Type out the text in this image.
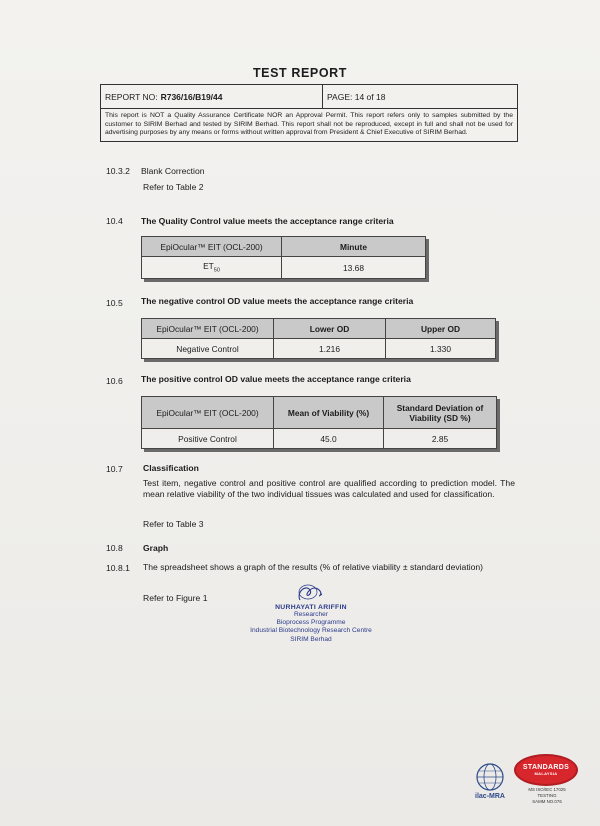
TEST REPORT
REPORT NO: R736/16/B19/44	PAGE: 14 of 18
This report is NOT a Quality Assurance Certificate NOR an Approval Permit. This report refers only to samples submitted by the customer to SIRIM Berhad and tested by SIRIM Berhad. This report shall not be reproduced, except in full and shall not be used for advertising purposes by any means or forms without written approval from President & Chief Executive of SIRIM Berhad.
10.3.2 Blank Correction
Refer to Table 2
10.4 The Quality Control value meets the acceptance range criteria
EpiOcular™ EIT (OCL-200)	Minute
$ET_{50}$	13.68
10.5 The negative control OD value meets the acceptance range criteria
EpiOcular™ EIT (OCL-200)	Lower OD	Upper OD
Negative Control	1.216	1.330
10.6 The positive control OD value meets the acceptance range criteria
EpiOcular™ EIT (OCL-200)	Mean of Viability (%)	Standard Deviation of Viability (SD %)
Positive Control	45.0	2.85
10.7 Classification
Test item, negative control and positive control are qualified according to prediction model. The mean relative viability of the two individual tissues was calculated and used for classification.
Refer to Table 3
10.8 Graph
10.8.1 The spreadsheet shows a graph of the results (% of relative viability ± standard deviation)
Refer to Figure 1
NURHAYATI ARIFFIN
Researcher
Bioprocess Programme
Industrial Biotechnology Research Centre
SIRIM Berhad
ilac-MRA
STANDARDS
MALAYSIA
MS ISO/IEC 17025
TESTING
SAMM NO.076
